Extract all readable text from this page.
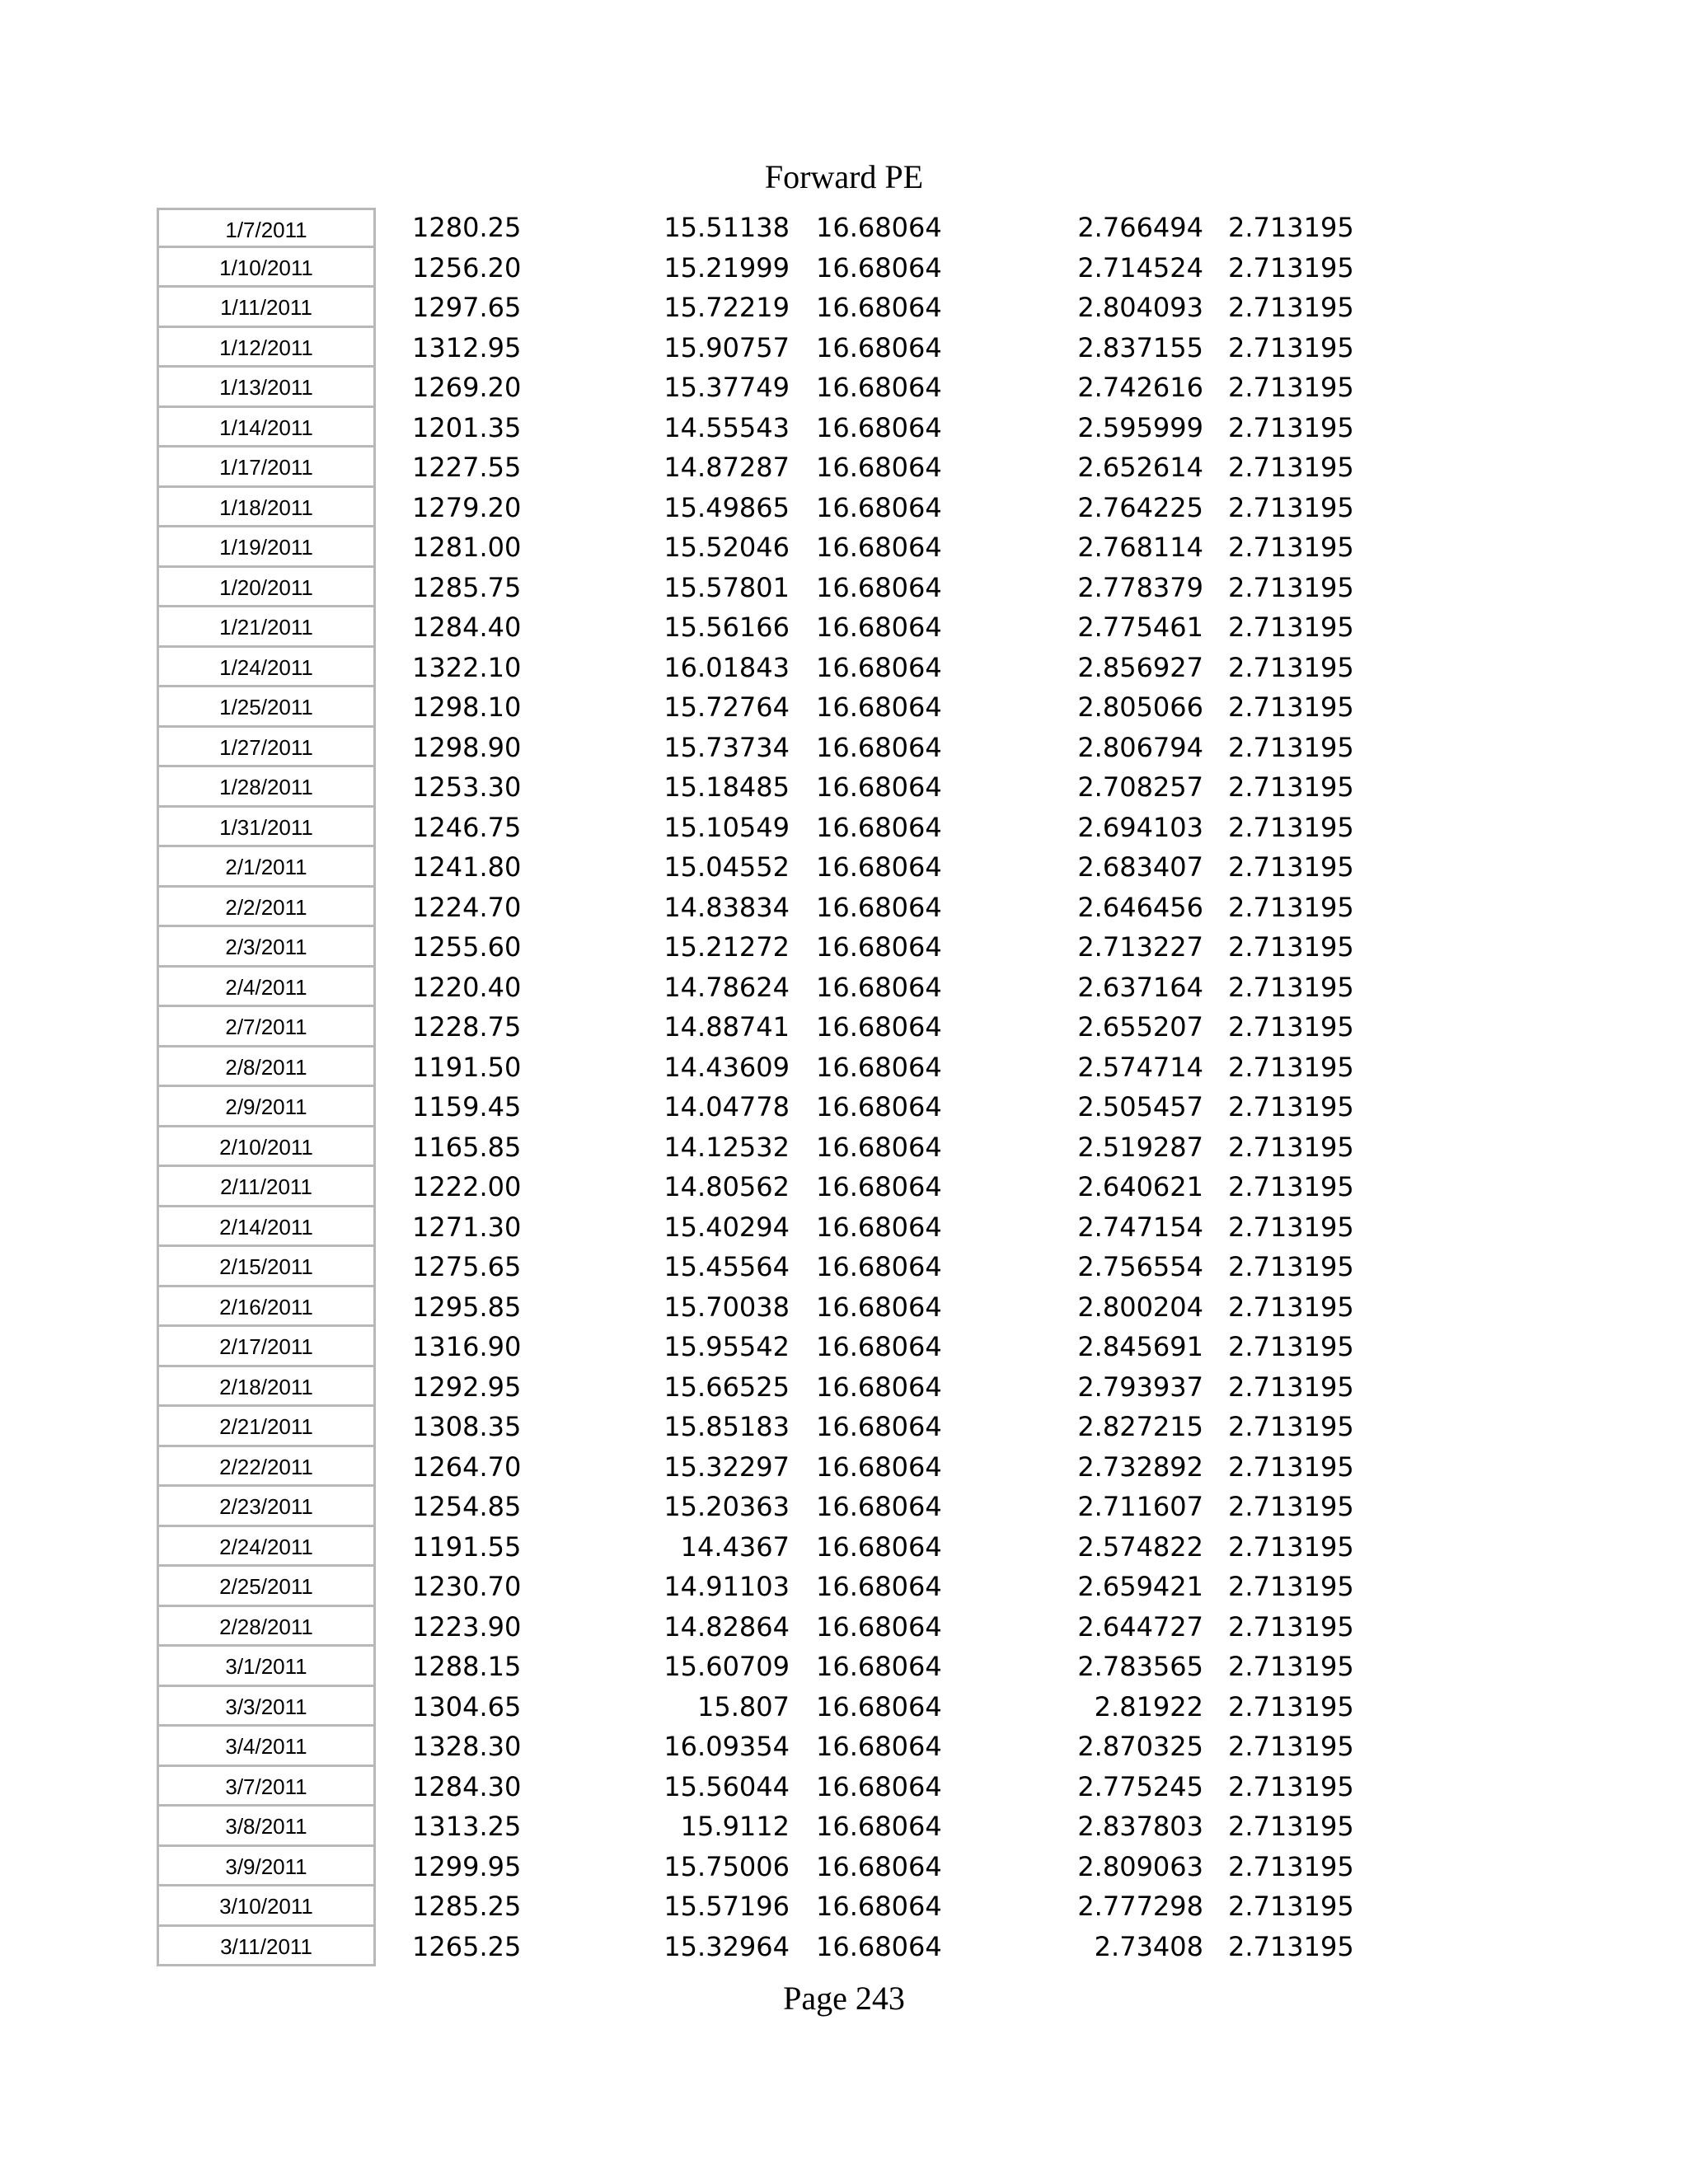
Forward PE
1/7/2011	1280.25	15.51138 16.68064	2.766494 2.713195
1/10/2011	1256.20	15.21999 16.68064	2.714524 2.713195
1/11/2011	1297.65	15.72219 16.68064	2.804093 2.713195
1/12/2011	1312.95	15.90757 16.68064	2.837155 2.713195
1/13/2011	1269.20	15.37749 16.68064	2.742616 2.713195
1/14/2011	1201.35	14.55543 16.68064	2.595999 2.713195
1/17/2011	1227.55	14.87287 16.68064	2.652614 2.713195
1/18/2011	1279.20	15.49865 16.68064	2.764225 2.713195
1/19/2011	1281.00	15.52046 16.68064	2.768114 2.713195
1/20/2011	1285.75	15.57801 16.68064	2.778379 2.713195
1/21/2011	1284.40	15.56166 16.68064	2.775461 2.713195
1/24/2011	1322.10	16.01843 16.68064	2.856927 2.713195
1/25/2011	1298.10	15.72764 16.68064	2.805066 2.713195
1/27/2011	1298.90	15.73734 16.68064	2.806794 2.713195
1/28/2011	1253.30	15.18485 16.68064	2.708257 2.713195
1/31/2011	1246.75	15.10549 16.68064	2.694103 2.713195
2/1/2011	1241.80	15.04552 16.68064	2.683407 2.713195
2/2/2011	1224.70	14.83834 16.68064	2.646456 2.713195
2/3/2011	1255.60	15.21272 16.68064	2.713227 2.713195
2/4/2011	1220.40	14.78624 16.68064	2.637164 2.713195
2/7/2011	1228.75	14.88741 16.68064	2.655207 2.713195
2/8/2011	1191.50	14.43609 16.68064	2.574714 2.713195
2/9/2011	1159.45	14.04778 16.68064	2.505457 2.713195
2/10/2011	1165.85	14.12532 16.68064	2.519287 2.713195
2/11/2011	1222.00	14.80562 16.68064	2.640621 2.713195
2/14/2011	1271.30	15.40294 16.68064	2.747154 2.713195
2/15/2011	1275.65	15.45564 16.68064	2.756554 2.713195
2/16/2011	1295.85	15.70038 16.68064	2.800204 2.713195
2/17/2011	1316.90	15.95542 16.68064	2.845691 2.713195
2/18/2011	1292.95	15.66525 16.68064	2.793937 2.713195
2/21/2011	1308.35	15.85183 16.68064	2.827215 2.713195
2/22/2011	1264.70	15.32297 16.68064	2.732892 2.713195
2/23/2011	1254.85	15.20363 16.68064	2.711607 2.713195
2/24/2011	1191.55	14.4367 16.68064	2.574822 2.713195
2/25/2011	1230.70	14.91103 16.68064	2.659421 2.713195
2/28/2011	1223.90	14.82864 16.68064	2.644727 2.713195
3/1/2011	1288.15	15.60709 16.68064	2.783565 2.713195
3/3/2011	1304.65	15.807 16.68064	2.81922 2.713195
3/4/2011	1328.30	16.09354 16.68064	2.870325 2.713195
3/7/2011	1284.30	15.56044 16.68064	2.775245 2.713195
3/8/2011	1313.25	15.9112 16.68064	2.837803 2.713195
3/9/2011	1299.95	15.75006 16.68064	2.809063 2.713195
3/10/2011	1285.25	15.57196 16.68064	2.777298 2.713195
3/11/2011	1265.25	15.32964 16.68064	2.73408 2.713195
Page 243
